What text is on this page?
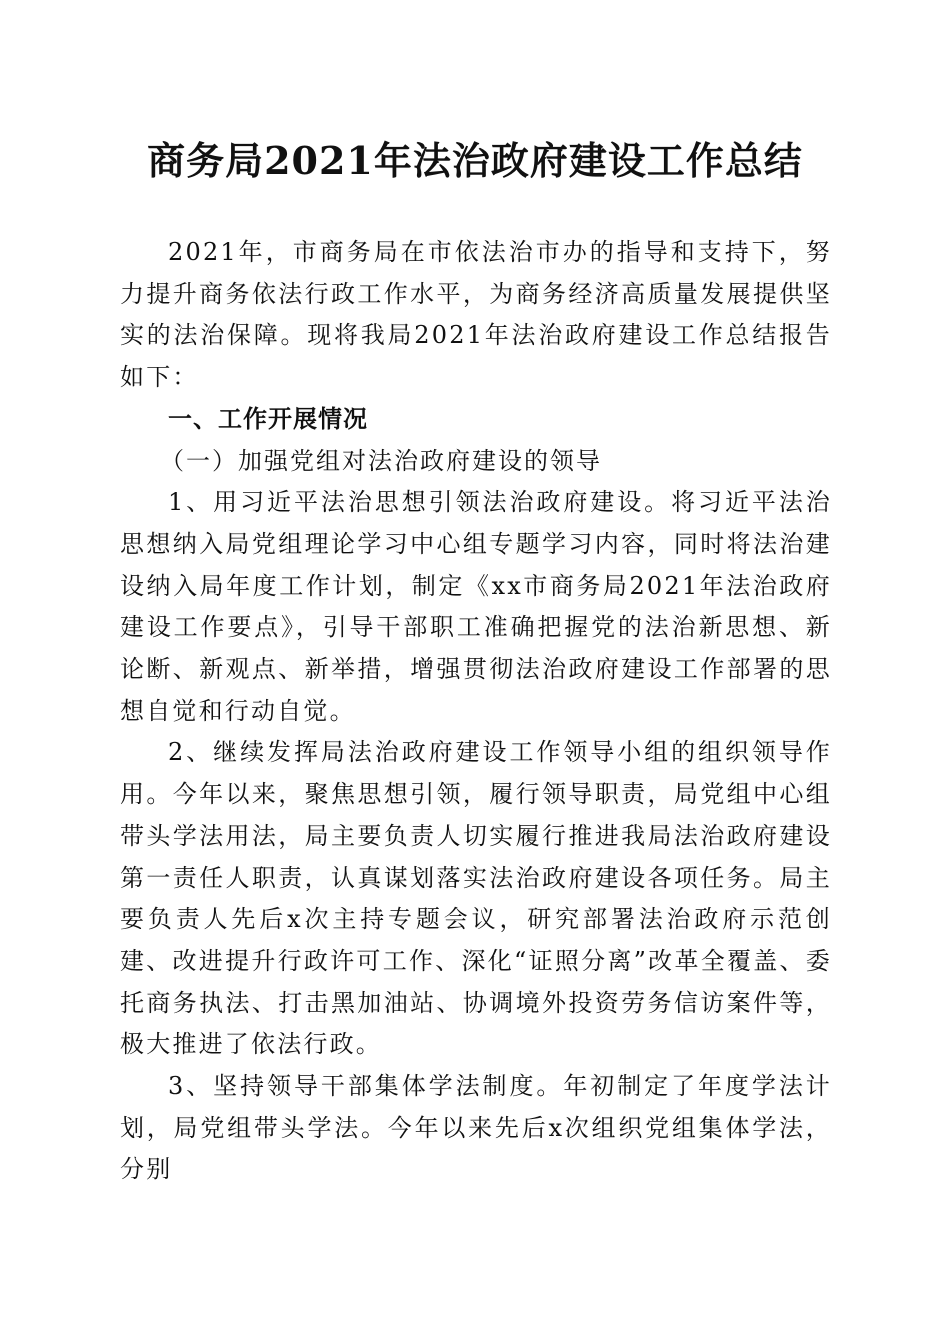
商务局2021年法治政府建设工作总结

2021年，市商务局在市依法治市办的指导和支持下，努力提升商务依法行政工作水平，为商务经济高质量发展提供坚实的法治保障。现将我局2021年法治政府建设工作总结报告如下：

一、工作开展情况

（一）加强党组对法治政府建设的领导

1、用习近平法治思想引领法治政府建设。将习近平法治思想纳入局党组理论学习中心组专题学习内容，同时将法治建设纳入局年度工作计划，制定《xx市商务局2021年法治政府建设工作要点》，引导干部职工准确把握党的法治新思想、新论断、新观点、新举措，增强贯彻法治政府建设工作部署的思想自觉和行动自觉。

2、继续发挥局法治政府建设工作领导小组的组织领导作用。今年以来，聚焦思想引领，履行领导职责，局党组中心组带头学法用法，局主要负责人切实履行推进我局法治政府建设第一责任人职责，认真谋划落实法治政府建设各项任务。局主要负责人先后x次主持专题会议，研究部署法治政府示范创建、改进提升行政许可工作、深化“证照分离”改革全覆盖、委托商务执法、打击黑加油站、协调境外投资劳务信访案件等，极大推进了依法行政。

3、坚持领导干部集体学法制度。年初制定了年度学法计划，局党组带头学法。今年以来先后x次组织党组集体学法，分别
